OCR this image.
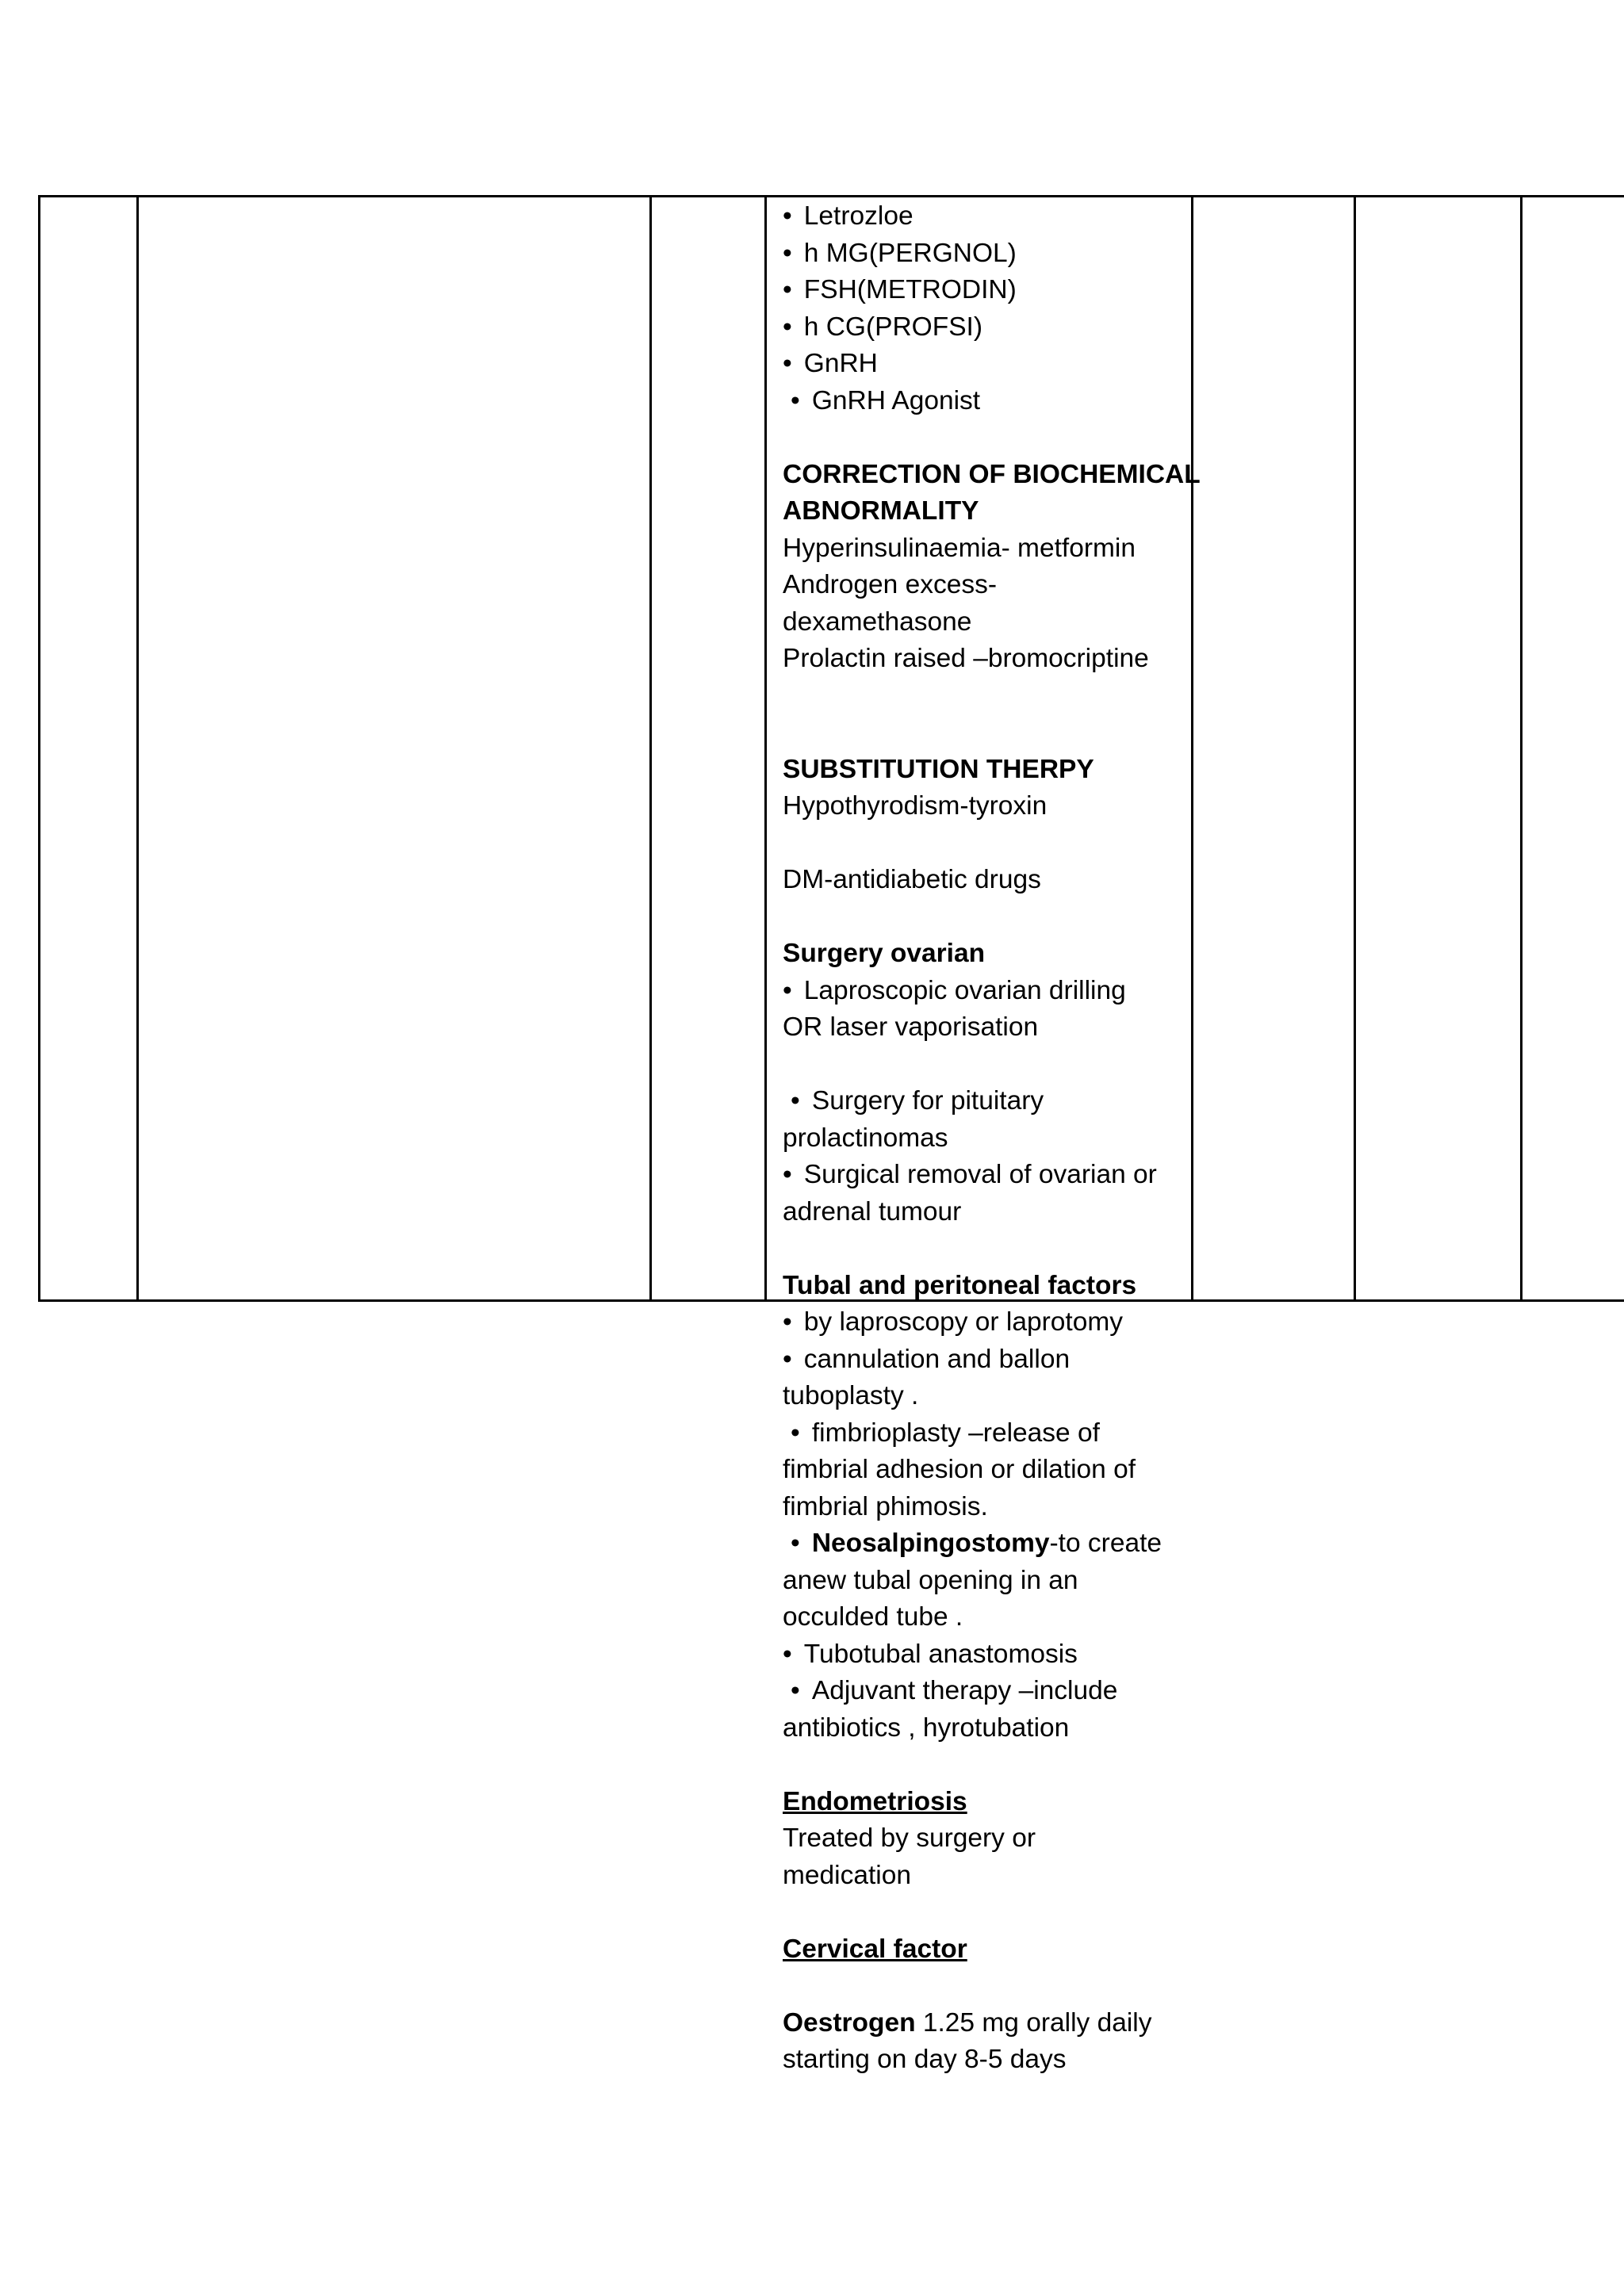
• Letrozloe
• h MG(PERGNOL)
• FSH(METRODIN)
• h CG(PROFSI)
• GnRH
• GnRH Agonist
CORRECTION OF BIOCHEMICAL
ABNORMALITY
Hyperinsulinaemia- metformin
Androgen excess-
dexamethasone
Prolactin raised –bromocriptine
SUBSTITUTION THERPY
Hypothyrodism-tyroxin
DM-antidiabetic drugs
Surgery ovarian
• Laproscopic ovarian drilling
OR laser vaporisation
• Surgery for pituitary
prolactinomas
• Surgical removal of ovarian or
adrenal tumour
Tubal and peritoneal factors
• by laproscopy or laprotomy
• cannulation and ballon
tuboplasty .
• fimbrioplasty –release of
fimbrial adhesion or dilation of
fimbrial phimosis.
• Neosalpingostomy-to create
anew tubal opening in an
occulded tube .
• Tubotubal anastomosis
• Adjuvant therapy –include
antibiotics , hyrotubation
Endometriosis
Treated by surgery or
medication
Cervical factor
Oestrogen 1.25 mg orally daily
starting on day 8-5 days
